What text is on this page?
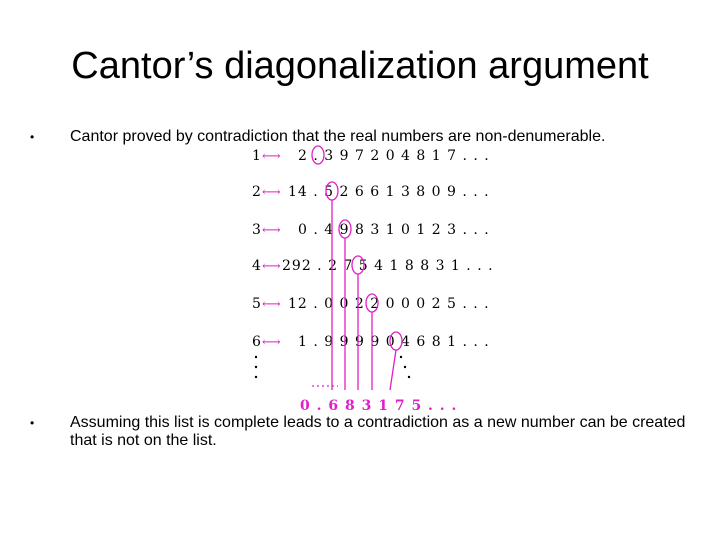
Cantor’s diagonalization argument
• Cantor proved by contradiction that the real numbers are non-denumerable.
1 ⟷ 2 . 3 9 7 2 0 4 8 1 7 . . .
2 ⟷ 14 . 5 2 6 6 1 3 8 0 9 . . .
3 ⟷ 0 . 4 9 8 3 1 0 1 2 3 . . .
4 ⟷ 292 . 2 7 5 4 1 8 8 3 1 . . .
5 ⟷ 12 . 0 0 2 2 0 0 0 2 5 . . .
6 ⟷ 1 . 9 9 9 9 0 4 6 8 1 . . .
0 . 6 8 3 1 7 5 . . .
• Assuming this list is complete leads to a contradiction as a new number can be created that is not on the list.
